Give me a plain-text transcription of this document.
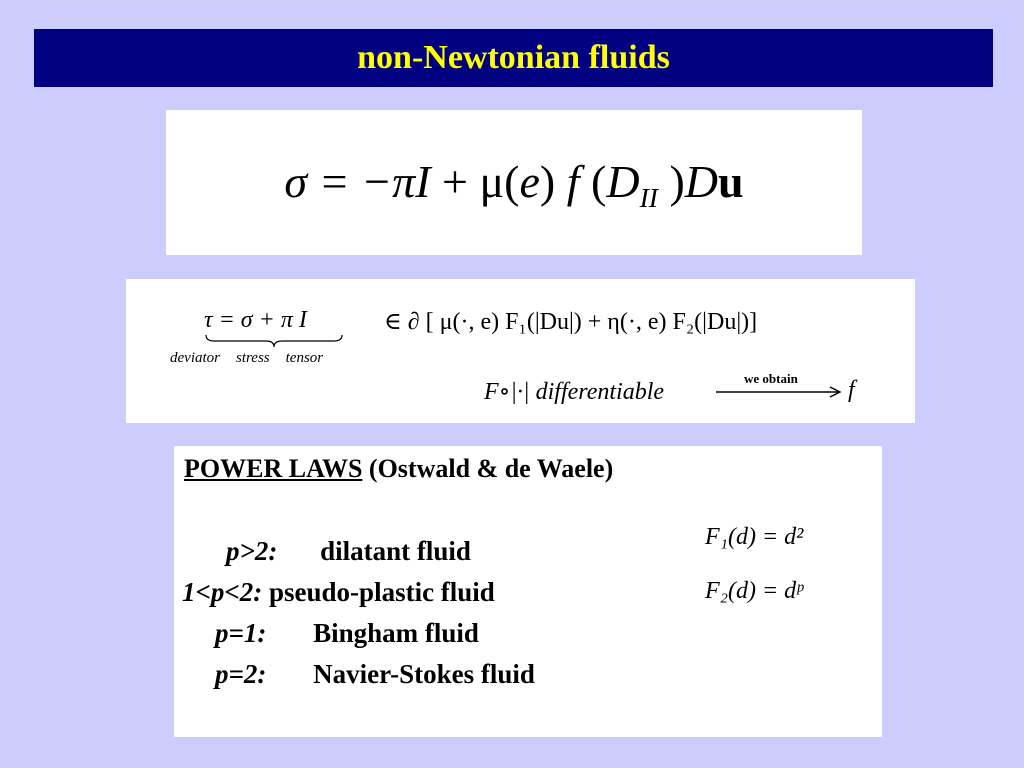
non-Newtonian fluids
σ = −πI + μ(e) f ($D_{II}$ )Du
τ = σ + π I	∈ ∂ [ μ(·, e) F₁(|Du|) + η(·, e) F₂(|Du|)]
deviator stress tensor
F∘|·| differentiable
we obtain f
POWER LAWS (Ostwald & de Waele)
p>2: dilatant fluid
1<p<2: pseudo-plastic fluid
p=1: Bingham fluid
p=2: Navier-Stokes fluid
F₁(d) = d²
F₂(d) = dᵖ
